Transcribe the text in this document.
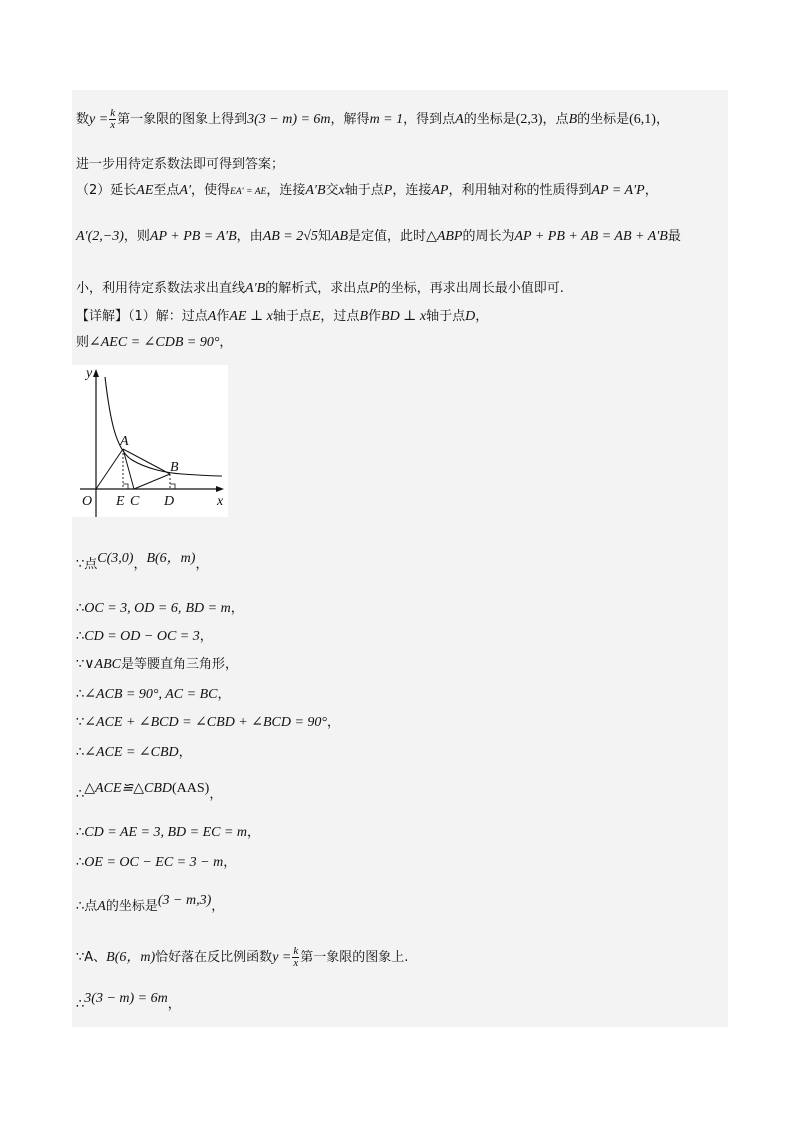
数$y = \frac{k}{x}$ 第一象限的图象上得到3(3 − m) = 6m，解得m = 1，得到点A的坐标是(2,3)，点B的坐标是(6,1)，
进一步用待定系数法即可得到答案；
（2）延长AE至点A′，使得EA′ = AE，连接A′B交x轴于点P，连接AP，利用轴对称的性质得到AP = A′P，
A′(2,−3)，则AP + PB = A′B，由AB = 2√5知AB是定值，此时△ABP的周长为AP + PB + AB = AB + A′B最
小，利用待定系数法求出直线A′B的解析式，求出点P的坐标，再求出周长最小值即可.
【详解】（1）解：过点A作AE ⊥ x轴于点E，过点B作BD ⊥ x轴于点D，
则∠AEC = ∠CDB = 90°，
y
x
O E C D
A
B
∵点C(3,0)，B(6，m)，
∴OC = 3, OD = 6, BD = m，
∴CD = OD − OC = 3，
∵∨ABC是等腰直角三角形，
∴∠ACB = 90°, AC = BC，
∵∠ACE + ∠BCD = ∠CBD + ∠BCD = 90°，
∴∠ACE = ∠CBD，
∴△ACE≌△CBD(AAS)，
∴CD = AE = 3, BD = EC = m，
∴OE = OC − EC = 3 − m，
∴点A的坐标是(3 − m,3)，
∵A、B(6，m)恰好落在反比例函数$y = \frac{k}{x}$ 第一象限的图象上.
∴3(3 − m) = 6m，
